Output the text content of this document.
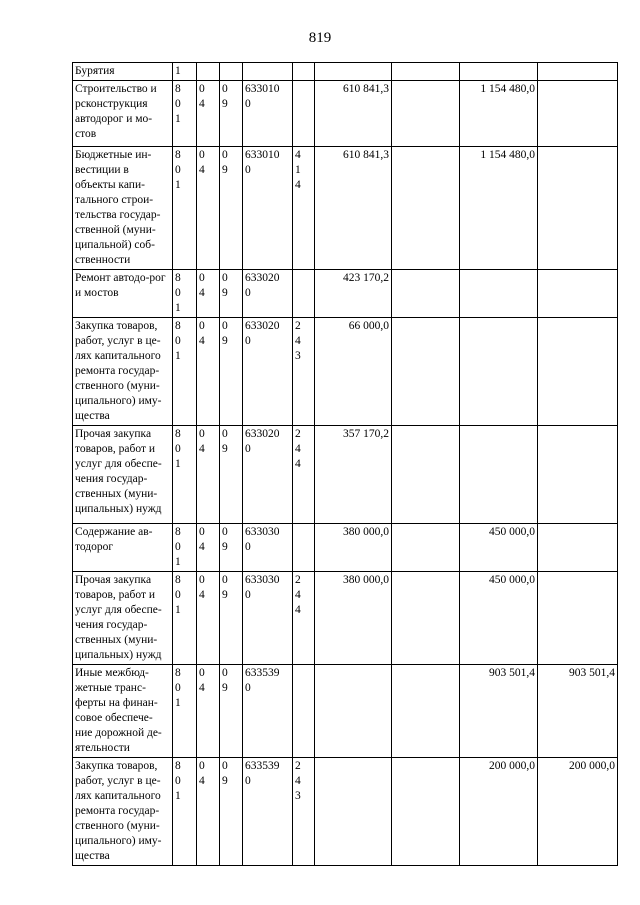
819
Бурятия	1								

Строительство и рсконструкция автодорог и мо-стов	801	04	09	6330100		610 841,3		1 154 480,0	
Бюджетные ин-вестиции в объекты капи-тального строи-тельства государ-ственной (муни-ципальной) соб-ственности	801	04	09	6330100	414	610 841,3		1 154 480,0	
Ремонт автодо-рог и мостов	801	04	09	6330200		423 170,2			
Закупка товаров, работ, услуг в це-лях капитального ремонта государ-ственного (муни-ципального) иму-щества	801	04	09	6330200	243	66 000,0			
Прочая закупка товаров, работ и услуг для обеспе-чения государ-ственных (муни-ципальных) нужд	801	04	09	6330200	244	357 170,2			
Содержание ав-тодорог	801	04	09	6330300		380 000,0		450 000,0	
Прочая закупка товаров, работ и услуг для обеспе-чения государ-ственных (муни-ципальных) нужд	801	04	09	6330300	244	380 000,0		450 000,0	
Иные межбюд-жетные транс-ферты на финан-совое обеспече-ние дорожной де-ятельности	801	04	09	6335390				903 501,4	903 501,4
Закупка товаров, работ, услуг в це-лях капитального ремонта государ-ственного (муни-ципального) иму-щества	801	04	09	6335390	243			200 000,0	200 000,0
